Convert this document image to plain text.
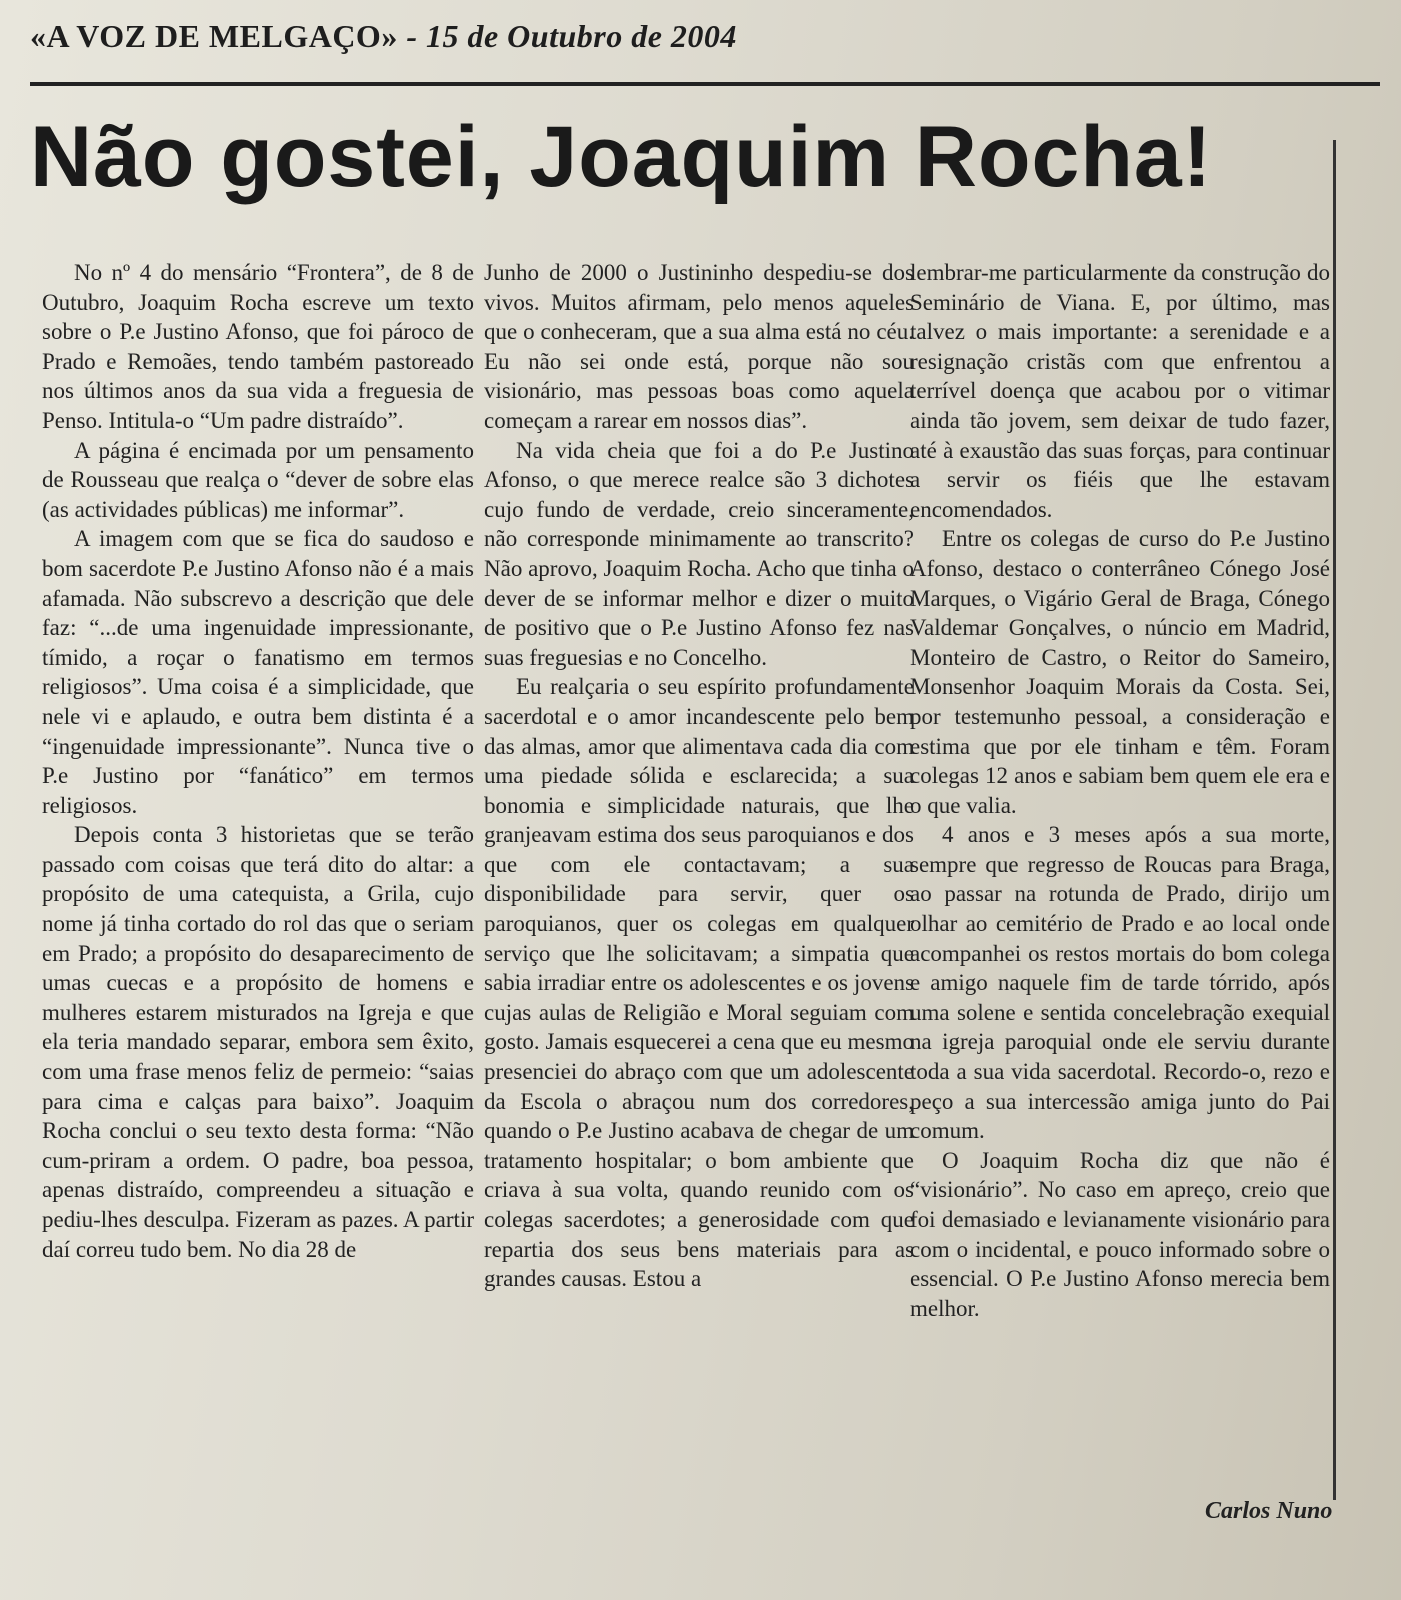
«A VOZ DE MELGAÇO» - 15 de Outubro de 2004
Não gostei, Joaquim Rocha!

No nº 4 do mensário “Frontera”, de 8 de Outubro, Joaquim Rocha escreve um texto sobre o P.e Justino Afonso, que foi pároco de Prado e Remoães, tendo também pastoreado nos últimos anos da sua vida a freguesia de Penso. Intitula-o “Um padre distraído”.

A página é encimada por um pensamento de Rousseau que realça o “dever de sobre elas (as actividades públicas) me informar”.

A imagem com que se fica do saudoso e bom sacerdote P.e Justino Afonso não é a mais afamada. Não subscrevo a descrição que dele faz: “...de uma ingenuidade impressionante, tímido, a roçar o fanatismo em termos religiosos”. Uma coisa é a simplicidade, que nele vi e aplaudo, e outra bem distinta é a “ingenuidade impressionante”. Nunca tive o P.e Justino por “fanático” em termos religiosos.

Depois conta 3 historietas que se terão passado com coisas que terá dito do altar: a propósito de uma catequista, a Grila, cujo nome já tinha cortado do rol das que o seriam em Prado; a propósito do desaparecimento de umas cuecas e a propósito de homens e mulheres estarem misturados na Igreja e que ela teria mandado separar, embora sem êxito, com uma frase menos feliz de permeio: “saias para cima e calças para baixo”. Joaquim Rocha conclui o seu texto desta forma: “Não cum-priram a ordem. O padre, boa pessoa, apenas distraído, compreendeu a situação e pediu-lhes desculpa. Fizeram as pazes. A partir daí correu tudo bem. No dia 28 de

Junho de 2000 o Justininho despediu-se dos vivos. Muitos afirmam, pelo menos aqueles que o conheceram, que a sua alma está no céu. Eu não sei onde está, porque não sou visionário, mas pessoas boas como aquela começam a rarear em nossos dias”.

Na vida cheia que foi a do P.e Justino Afonso, o que merece realce são 3 dichotes cujo fundo de verdade, creio sinceramente, não corresponde minimamente ao transcrito? Não aprovo, Joaquim Rocha. Acho que tinha o dever de se informar melhor e dizer o muito de positivo que o P.e Justino Afonso fez nas suas freguesias e no Concelho.

Eu realçaria o seu espírito profundamente sacerdotal e o amor incandescente pelo bem das almas, amor que alimentava cada dia com uma piedade sólida e esclarecida; a sua bonomia e simplicidade naturais, que lhe granjeavam estima dos seus paroquianos e dos que com ele contactavam; a sua disponibilidade para servir, quer os paroquianos, quer os colegas em qualquer serviço que lhe solicitavam; a simpatia que sabia irradiar entre os adolescentes e os jovens cujas aulas de Religião e Moral seguiam com gosto. Jamais esquecerei a cena que eu mesmo presenciei do abraço com que um adolescente da Escola o abraçou num dos corredores, quando o P.e Justino acabava de chegar de um tratamento hospitalar; o bom ambiente que criava à sua volta, quando reunido com os colegas sacerdotes; a generosidade com que repartia dos seus bens materiais para as grandes causas. Estou a

lembrar-me particularmente da construção do Seminário de Viana. E, por último, mas talvez o mais importante: a serenidade e a resignação cristãs com que enfrentou a terrível doença que acabou por o vitimar ainda tão jovem, sem deixar de tudo fazer, até à exaustão das suas forças, para continuar a servir os fiéis que lhe estavam encomendados.

Entre os colegas de curso do P.e Justino Afonso, destaco o conterrâneo Cónego José Marques, o Vigário Geral de Braga, Cónego Valdemar Gonçalves, o núncio em Madrid, Monteiro de Castro, o Reitor do Sameiro, Monsenhor Joaquim Morais da Costa. Sei, por testemunho pessoal, a consideração e estima que por ele tinham e têm. Foram colegas 12 anos e sabiam bem quem ele era e o que valia.

4 anos e 3 meses após a sua morte, sempre que regresso de Roucas para Braga, ao passar na rotunda de Prado, dirijo um olhar ao cemitério de Prado e ao local onde acompanhei os restos mortais do bom colega e amigo naquele fim de tarde tórrido, após uma solene e sentida concelebração exequial na igreja paroquial onde ele serviu durante toda a sua vida sacerdotal. Recordo-o, rezo e peço a sua intercessão amiga junto do Pai comum.

O Joaquim Rocha diz que não é “visionário”. No caso em apreço, creio que foi demasiado e levianamente visionário para com o incidental, e pouco informado sobre o essencial. O P.e Justino Afonso merecia bem melhor.

Carlos Nuno
